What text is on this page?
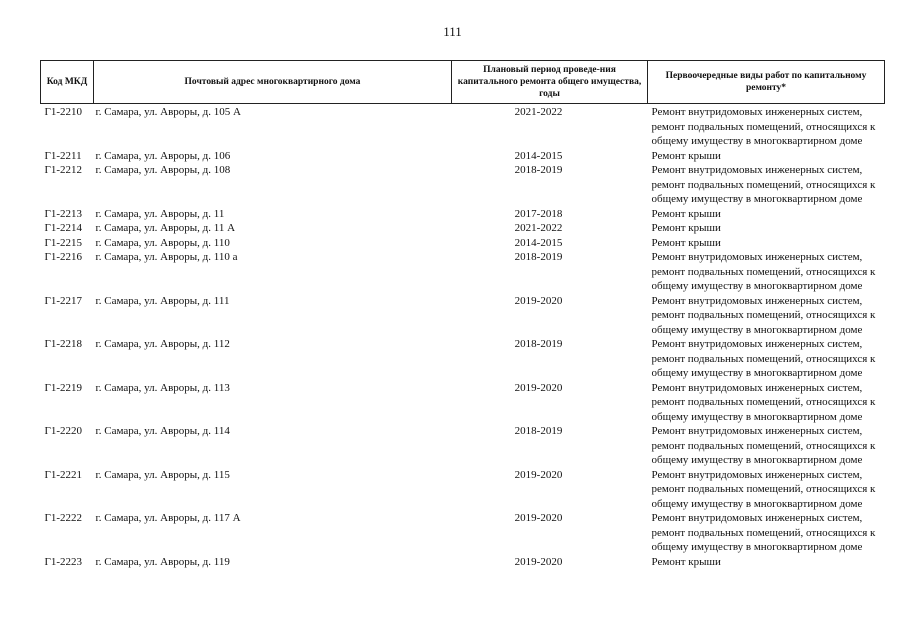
111
Код МКД	Почтовый адрес многоквартирного дома	Плановый период проведе-ния капитального ремонта общего имущества, годы	Первоочередные виды работ по капитальному ремонту*
Г1-2210	г. Самара, ул. Авроры, д. 105 А	2021-2022	Ремонт внутридомовых инженерных систем, ремонт подвальных помещений, относящихся к общему имуществу в многоквартирном доме
Г1-2211	г. Самара, ул. Авроры, д. 106	2014-2015	Ремонт крыши
Г1-2212	г. Самара, ул. Авроры, д. 108	2018-2019	Ремонт внутридомовых инженерных систем, ремонт подвальных помещений, относящихся к общему имуществу в многоквартирном доме
Г1-2213	г. Самара, ул. Авроры, д. 11	2017-2018	Ремонт крыши
Г1-2214	г. Самара, ул. Авроры, д. 11 А	2021-2022	Ремонт крыши
Г1-2215	г. Самара, ул. Авроры, д. 110	2014-2015	Ремонт крыши
Г1-2216	г. Самара, ул. Авроры, д. 110 а	2018-2019	Ремонт внутридомовых инженерных систем, ремонт подвальных помещений, относящихся к общему имуществу в многоквартирном доме
Г1-2217	г. Самара, ул. Авроры, д. 111	2019-2020	Ремонт внутридомовых инженерных систем, ремонт подвальных помещений, относящихся к общему имуществу в многоквартирном доме
Г1-2218	г. Самара, ул. Авроры, д. 112	2018-2019	Ремонт внутридомовых инженерных систем, ремонт подвальных помещений, относящихся к общему имуществу в многоквартирном доме
Г1-2219	г. Самара, ул. Авроры, д. 113	2019-2020	Ремонт внутридомовых инженерных систем, ремонт подвальных помещений, относящихся к общему имуществу в многоквартирном доме
Г1-2220	г. Самара, ул. Авроры, д. 114	2018-2019	Ремонт внутридомовых инженерных систем, ремонт подвальных помещений, относящихся к общему имуществу в многоквартирном доме
Г1-2221	г. Самара, ул. Авроры, д. 115	2019-2020	Ремонт внутридомовых инженерных систем, ремонт подвальных помещений, относящихся к общему имуществу в многоквартирном доме
Г1-2222	г. Самара, ул. Авроры, д. 117 А	2019-2020	Ремонт внутридомовых инженерных систем, ремонт подвальных помещений, относящихся к общему имуществу в многоквартирном доме
Г1-2223	г. Самара, ул. Авроры, д. 119	2019-2020	Ремонт крыши
